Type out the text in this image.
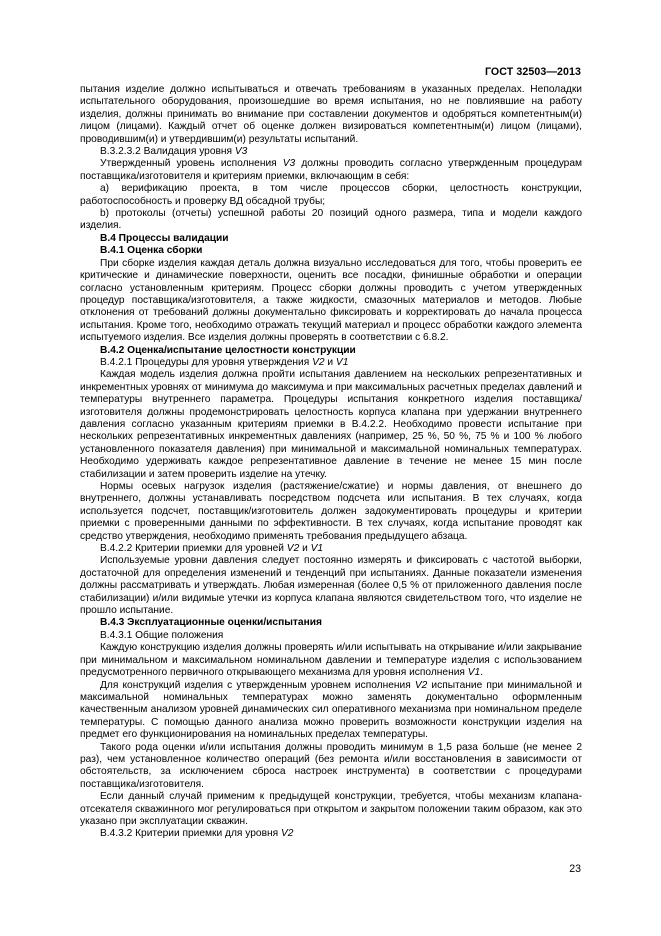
ГОСТ 32503—2013

пытания изделие должно испытываться и отвечать требованиям в указанных пределах. Неполадки испытательного оборудования, произошедшие во время испытания, но не повлиявшие на работу изделия, должны принимать во внимание при составлении документов и одобряться компетентным(и) лицом (лицами). Каждый отчет об оценке должен визироваться компетентным(и) лицом (лицами), проводившим(и) и утвердившим(и) результаты испытаний.

В.3.2.3.2 Валидация уровня V3

Утвержденный уровень исполнения V3 должны проводить согласно утвержденным процедурам поставщика/изготовителя и критериям приемки, включающим в себя:

а) верификацию проекта, в том числе процессов сборки, целостность конструкции, работоспособность и проверку ВД обсадной трубы;

b) протоколы (отчеты) успешной работы 20 позиций одного размера, типа и модели каждого изделия.

В.4 Процессы валидации
В.4.1 Оценка сборки

При сборке изделия каждая деталь должна визуально исследоваться для того, чтобы проверить ее критические и динамические поверхности, оценить все посадки, финишные обработки и операции согласно установленным критериям. Процесс сборки должны проводить с учетом утвержденных процедур поставщика/изготовителя, а также жидкости, смазочных материалов и методов. Любые отклонения от требований должны документально фиксировать и корректировать до начала процесса испытания. Кроме того, необходимо отражать текущий материал и процесс обработки каждого элемента испытуемого изделия. Все изделия должны проверять в соответствии с 6.8.2.

В.4.2 Оценка/испытание целостности конструкции
В.4.2.1 Процедуры для уровня утверждения V2 и V1

Каждая модель изделия должна пройти испытания давлением на нескольких репрезентативных и инкрементных уровнях от минимума до максимума и при максимальных расчетных пределах давлений и температуры внутреннего параметра. Процедуры испытания конкретного изделия поставщика/изготовителя должны продемонстрировать целостность корпуса клапана при удержании внутреннего давления согласно указанным критериям приемки в В.4.2.2. Необходимо провести испытание при нескольких репрезентативных инкрементных давлениях (например, 25 %, 50 %, 75 % и 100 % любого установленного показателя давления) при минимальной и максимальной номинальных температурах. Необходимо удерживать каждое репрезентативное давление в течение не менее 15 мин после стабилизации и затем проверить изделие на утечку.

Нормы осевых нагрузок изделия (растяжение/сжатие) и нормы давления, от внешнего до внутреннего, должны устанавливать посредством подсчета или испытания. В тех случаях, когда используется подсчет, поставщик/изготовитель должен задокументировать процедуры и критерии приемки с проверенными данными по эффективности. В тех случаях, когда испытание проводят как средство утверждения, необходимо применять требования предыдущего абзаца.

В.4.2.2 Критерии приемки для уровней V2 и V1

Используемые уровни давления следует постоянно измерять и фиксировать с частотой выборки, достаточной для определения изменений и тенденций при испытаниях. Данные показатели изменения должны рассматривать и утверждать. Любая измеренная (более 0,5 % от приложенного давления после стабилизации) и/или видимые утечки из корпуса клапана являются свидетельством того, что изделие не прошло испытание.

В.4.3 Эксплуатационные оценки/испытания
В.4.3.1 Общие положения

Каждую конструкцию изделия должны проверять и/или испытывать на открывание и/или закрывание при минимальном и максимальном номинальном давлении и температуре изделия с использованием предусмотренного первичного открывающего механизма для уровня исполнения V1.

Для конструкций изделия с утвержденным уровнем исполнения V2 испытание при минимальной и максимальной номинальных температурах можно заменять документально оформленным качественным анализом уровней динамических сил оперативного механизма при номинальном пределе температуры. С помощью данного анализа можно проверить возможности конструкции изделия на предмет его функционирования на номинальных пределах температуры.

Такого рода оценки и/или испытания должны проводить минимум в 1,5 раза больше (не менее 2 раз), чем установленное количество операций (без ремонта и/или восстановления в зависимости от обстоятельств, за исключением сброса настроек инструмента) в соответствии с процедурами поставщика/изготовителя.

Если данный случай применим к предыдущей конструкции, требуется, чтобы механизм клапана-отсекателя скважинного мог регулироваться при открытом и закрытом положении таким образом, как это указано при эксплуатации скважин.

В.4.3.2 Критерии приемки для уровня V2
23
